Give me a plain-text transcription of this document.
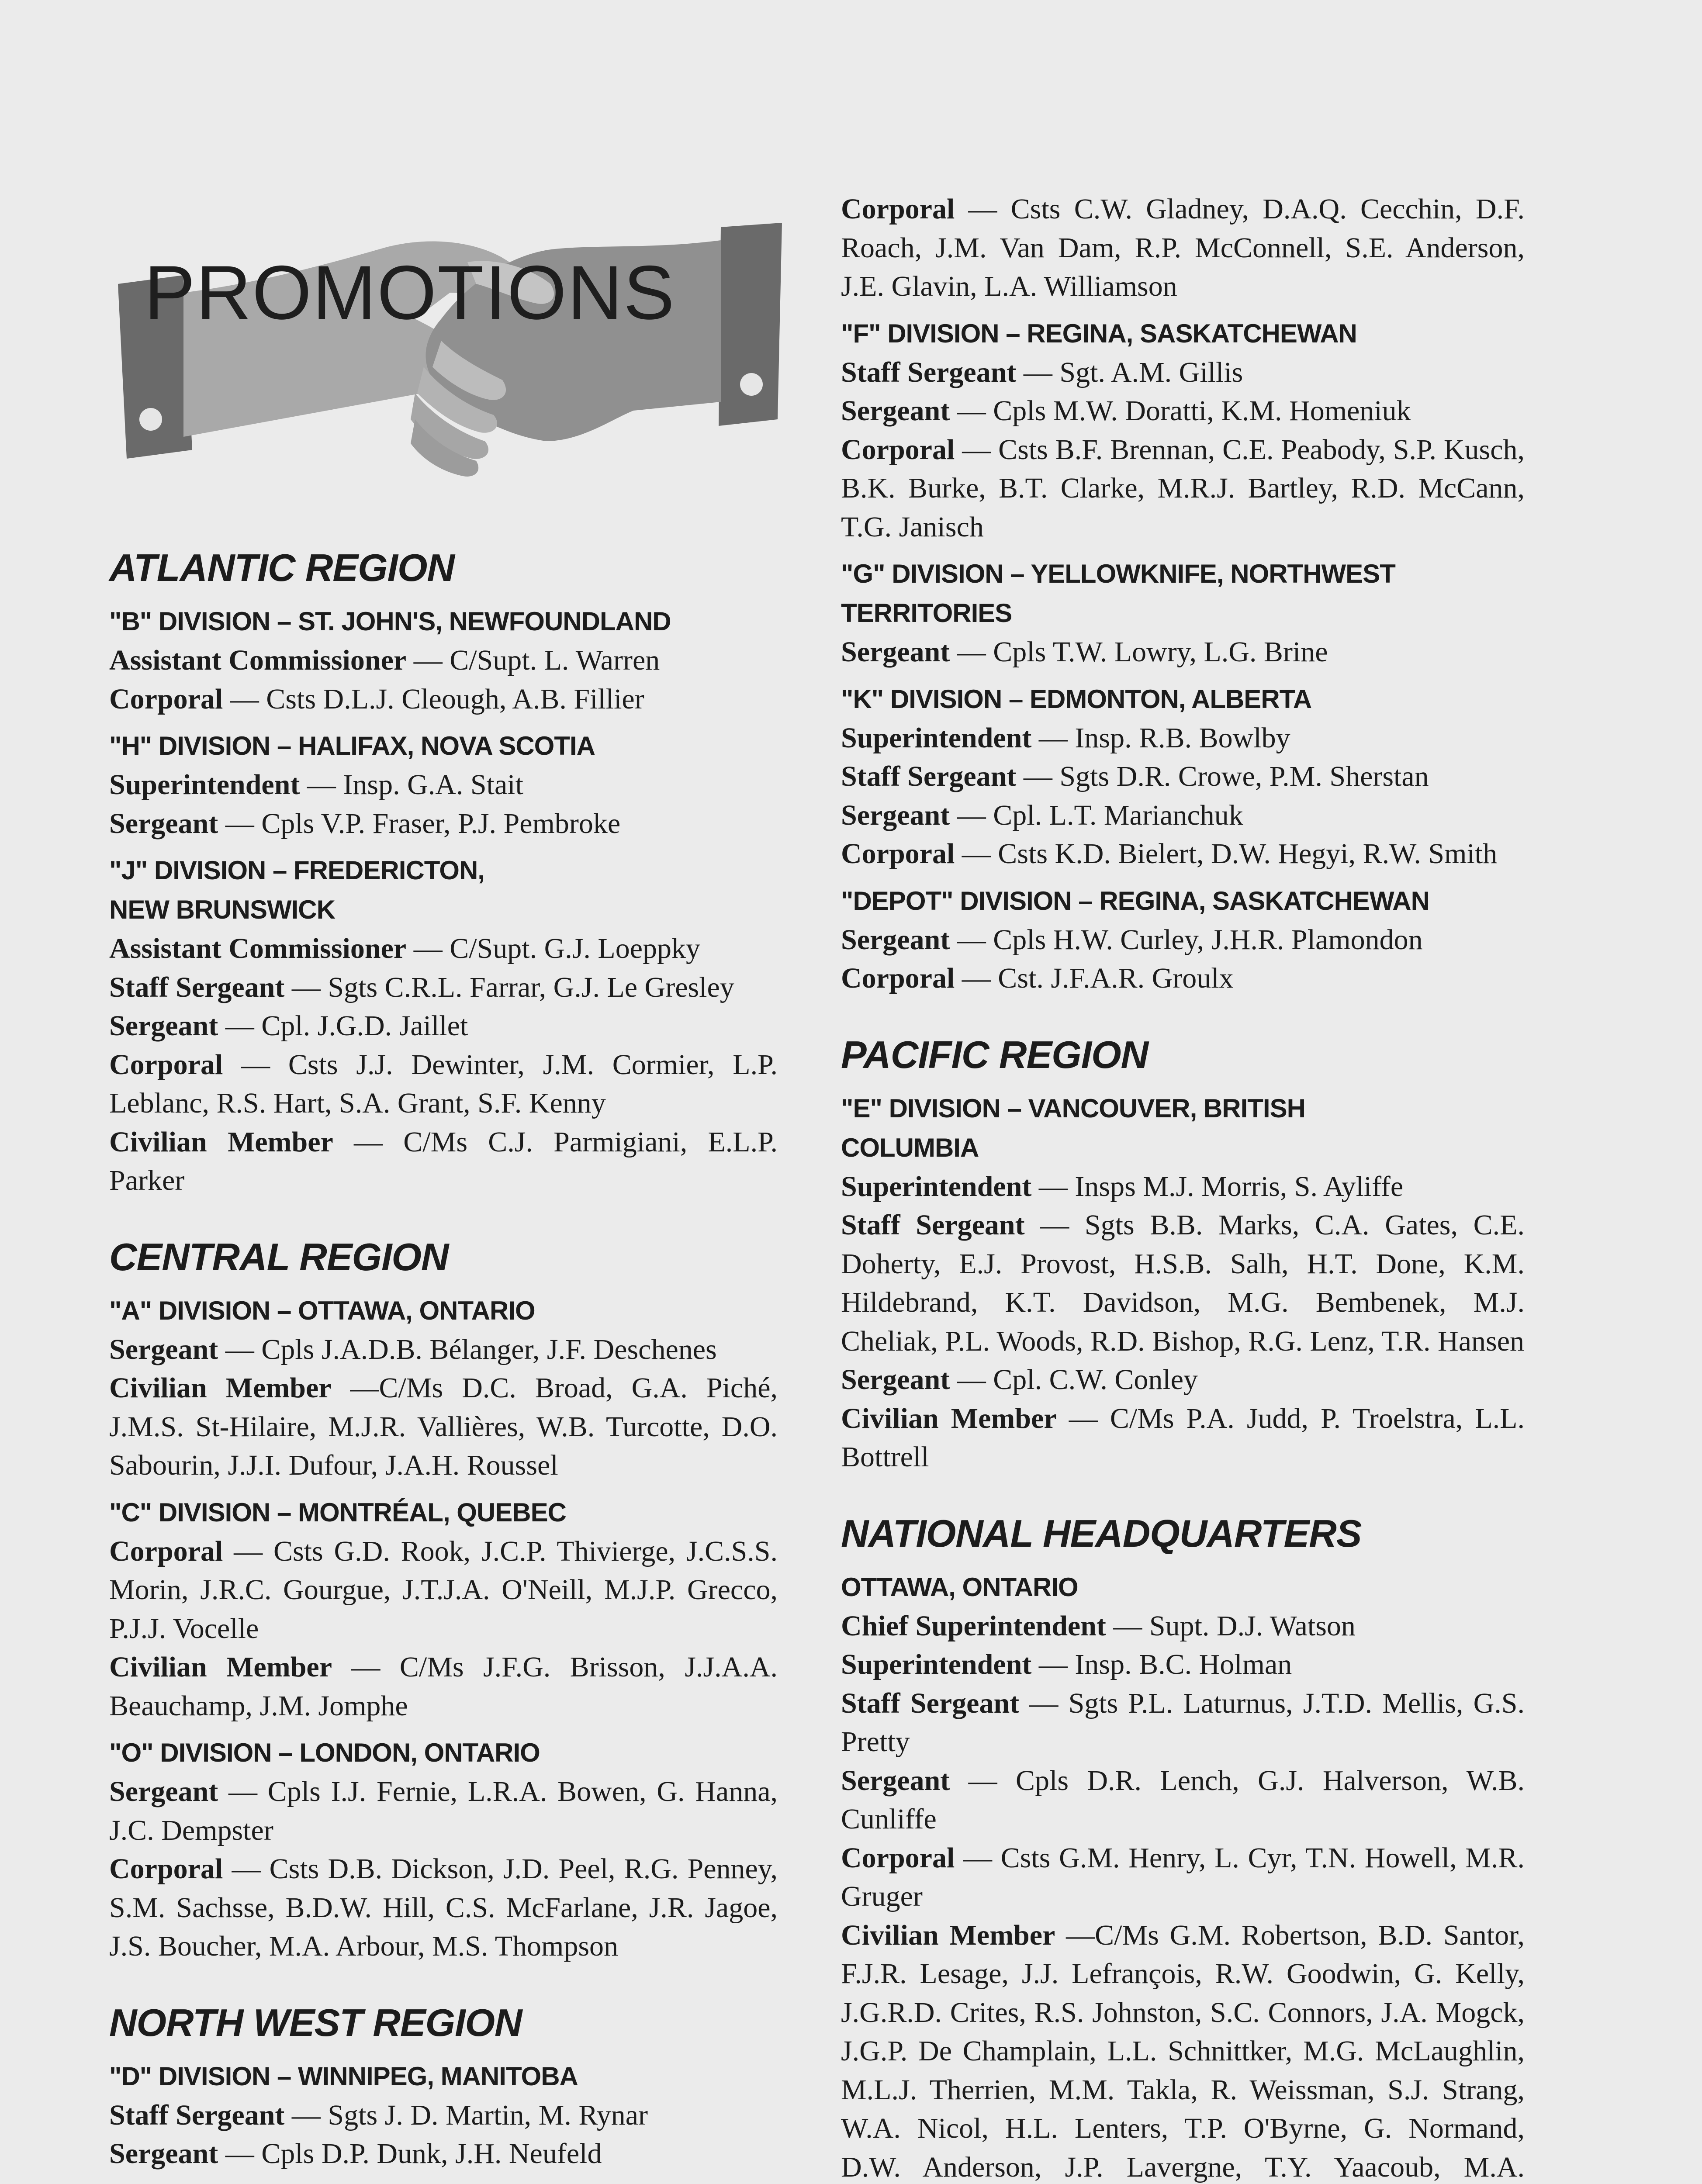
PROMOTIONS
ATLANTIC REGION
"B" DIVISION – ST. JOHN'S, NEWFOUNDLAND

Assistant Commissioner — C/Supt. L. Warren

Corporal — Csts D.L.J. Cleough, A.B. Fillier

"H" DIVISION – HALIFAX, NOVA SCOTIA

Superintendent — Insp. G.A. Stait

Sergeant — Cpls V.P. Fraser, P.J. Pembroke

"J" DIVISION – FREDERICTON, NEW BRUNSWICK

Assistant Commissioner — C/Supt. G.J. Loeppky

Staff Sergeant — Sgts C.R.L. Farrar, G.J. Le Gresley

Sergeant — Cpl. J.G.D. Jaillet

Corporal — Csts J.J. Dewinter, J.M. Cormier, L.P. Leblanc, R.S. Hart, S.A. Grant, S.F. Kenny

Civilian Member — C/Ms C.J. Parmigiani, E.L.P. Parker

CENTRAL REGION
"A" DIVISION – OTTAWA, ONTARIO

Sergeant — Cpls J.A.D.B. Bélanger, J.F. Deschenes

Civilian Member —C/Ms D.C. Broad, G.A. Piché, J.M.S. St-Hilaire, M.J.R. Vallières, W.B. Turcotte, D.O. Sabourin, J.J.I. Dufour, J.A.H. Roussel

"C" DIVISION – MONTRÉAL, QUEBEC

Corporal — Csts G.D. Rook, J.C.P. Thivierge, J.C.S.S. Morin, J.R.C. Gourgue, J.T.J.A. O'Neill, M.J.P. Grecco, P.J.J. Vocelle

Civilian Member — C/Ms J.F.G. Brisson, J.J.A.A. Beauchamp, J.M. Jomphe

"O" DIVISION – LONDON, ONTARIO

Sergeant — Cpls I.J. Fernie, L.R.A. Bowen, G. Hanna, J.C. Dempster

Corporal — Csts D.B. Dickson, J.D. Peel, R.G. Penney, S.M. Sachsse, B.D.W. Hill, C.S. McFarlane, J.R. Jagoe, J.S. Boucher, M.A. Arbour, M.S. Thompson

NORTH WEST REGION
"D" DIVISION – WINNIPEG, MANITOBA

Staff Sergeant — Sgts J. D. Martin, M. Rynar

Sergeant — Cpls D.P. Dunk, J.H. Neufeld

Corporal — Csts C.W. Gladney, D.A.Q. Cecchin, D.F. Roach, J.M. Van Dam, R.P. McConnell, S.E. Anderson, J.E. Glavin, L.A. Williamson

"F" DIVISION – REGINA, SASKATCHEWAN

Staff Sergeant — Sgt. A.M. Gillis

Sergeant — Cpls M.W. Doratti, K.M. Homeniuk

Corporal — Csts B.F. Brennan, C.E. Peabody, S.P. Kusch, B.K. Burke, B.T. Clarke, M.R.J. Bartley, R.D. McCann, T.G. Janisch

"G" DIVISION – YELLOWKNIFE, NORTHWEST TERRITORIES

Sergeant — Cpls T.W. Lowry, L.G. Brine

"K" DIVISION – EDMONTON, ALBERTA

Superintendent — Insp. R.B. Bowlby

Staff Sergeant — Sgts D.R. Crowe, P.M. Sherstan

Sergeant — Cpl. L.T. Marianchuk

Corporal — Csts K.D. Bielert, D.W. Hegyi, R.W. Smith

"DEPOT" DIVISION – REGINA, SASKATCHEWAN

Sergeant — Cpls H.W. Curley, J.H.R. Plamondon

Corporal — Cst. J.F.A.R. Groulx

PACIFIC REGION
"E" DIVISION – VANCOUVER, BRITISH COLUMBIA

Superintendent — Insps M.J. Morris, S. Ayliffe

Staff Sergeant — Sgts B.B. Marks, C.A. Gates, C.E. Doherty, E.J. Provost, H.S.B. Salh, H.T. Done, K.M. Hildebrand, K.T. Davidson, M.G. Bembenek, M.J. Cheliak, P.L. Woods, R.D. Bishop, R.G. Lenz, T.R. Hansen

Sergeant — Cpl. C.W. Conley

Civilian Member — C/Ms P.A. Judd, P. Troelstra, L.L. Bottrell

NATIONAL HEADQUARTERS
OTTAWA, ONTARIO

Chief Superintendent — Supt. D.J. Watson

Superintendent — Insp. B.C. Holman

Staff Sergeant — Sgts P.L. Laturnus, J.T.D. Mellis, G.S. Pretty

Sergeant — Cpls D.R. Lench, G.J. Halverson, W.B. Cunliffe

Corporal — Csts G.M. Henry, L. Cyr, T.N. Howell, M.R. Gruger

Civilian Member —C/Ms G.M. Robertson, B.D. Santor, F.J.R. Lesage, J.J. Lefrançois, R.W. Goodwin, G. Kelly, J.G.R.D. Crites, R.S. Johnston, S.C. Connors, J.A. Mogck, J.G.P. De Champlain, L.L. Schnittker, M.G. McLaughlin, M.L.J. Therrien, M.M. Takla, R. Weissman, S.J. Strang, W.A. Nicol, H.L. Lenters, T.P. O'Byrne, G. Normand, D.W. Anderson, J.P. Lavergne, T.Y. Yaacoub, M.A.
